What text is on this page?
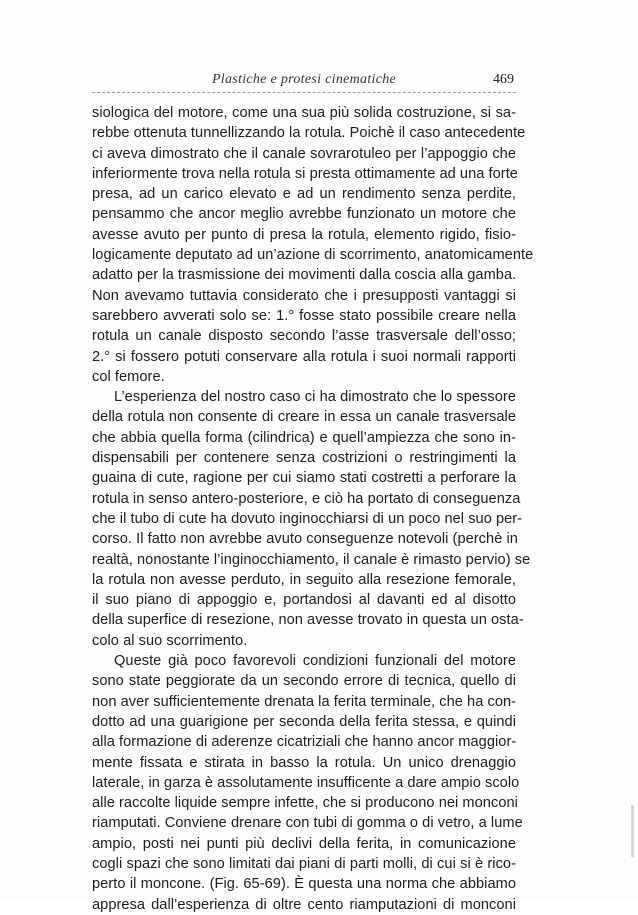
Plastiche e protesi cinematiche	469
siologica del motore, come una sua più solida costruzione, si sa-
rebbe ottenuta tunnellizzando la rotula. Poichè il caso antecedente
ci aveva dimostrato che il canale sovrarotuleo per l’appoggio che
inferiormente trova nella rotula si presta ottimamente ad una forte
presa, ad un carico elevato e ad un rendimento senza perdite,
pensammo che ancor meglio avrebbe funzionato un motore che
avesse avuto per punto di presa la rotula, elemento rigido, fisio-
logicamente deputato ad un’azione di scorrimento, anatomicamente
adatto per la trasmissione dei movimenti dalla coscia alla gamba.
Non avevamo tuttavia considerato che i presupposti vantaggi si
sarebbero avverati solo se: 1.° fosse stato possibile creare nella
rotula un canale disposto secondo l’asse trasversale dell’osso;
2.° si fossero potuti conservare alla rotula i suoi normali rapporti
col femore.
L’esperienza del nostro caso ci ha dimostrato che lo spessore
della rotula non consente di creare in essa un canale trasversale
che abbia quella forma (cilindrica) e quell’ampiezza che sono in-
dispensabili per contenere senza costrizioni o restringimenti la
guaina di cute, ragione per cui siamo stati costretti a perforare la
rotula in senso antero-posteriore, e ciò ha portato di conseguenza
che il tubo di cute ha dovuto inginocchiarsi di un poco nel suo per-
corso. Il fatto non avrebbe avuto conseguenze notevoli (perchè in
realtà, nonostante l’inginocchiamento, il canale è rimasto pervio) se
la rotula non avesse perduto, in seguito alla resezione femorale,
il suo piano di appoggio e, portandosi al davanti ed al disotto
della superfice di resezione, non avesse trovato in questa un osta-
colo al suo scorrimento.
Queste già poco favorevoli condizioni funzionali del motore
sono state peggiorate da un secondo errore di tecnica, quello di
non aver sufficientemente drenata la ferita terminale, che ha con-
dotto ad una guarigione per seconda della ferita stessa, e quindi
alla formazione di aderenze cicatriziali che hanno ancor maggior-
mente fissata e stirata in basso la rotula. Un unico drenaggio
laterale, in garza è assolutamente insufficente a dare ampio scolo
alle raccolte liquide sempre infette, che si producono nei monconi
riamputati. Conviene drenare con tubi di gomma o di vetro, a lume
ampio, posti nei punti più declivi della ferita, in comunicazione
cogli spazi che sono limitati dai piani di parti molli, di cui si è rico-
perto il moncone. (Fig. 65-69). È questa una norma che abbiamo
appresa dall’esperienza di oltre cento riamputazioni di monconi
